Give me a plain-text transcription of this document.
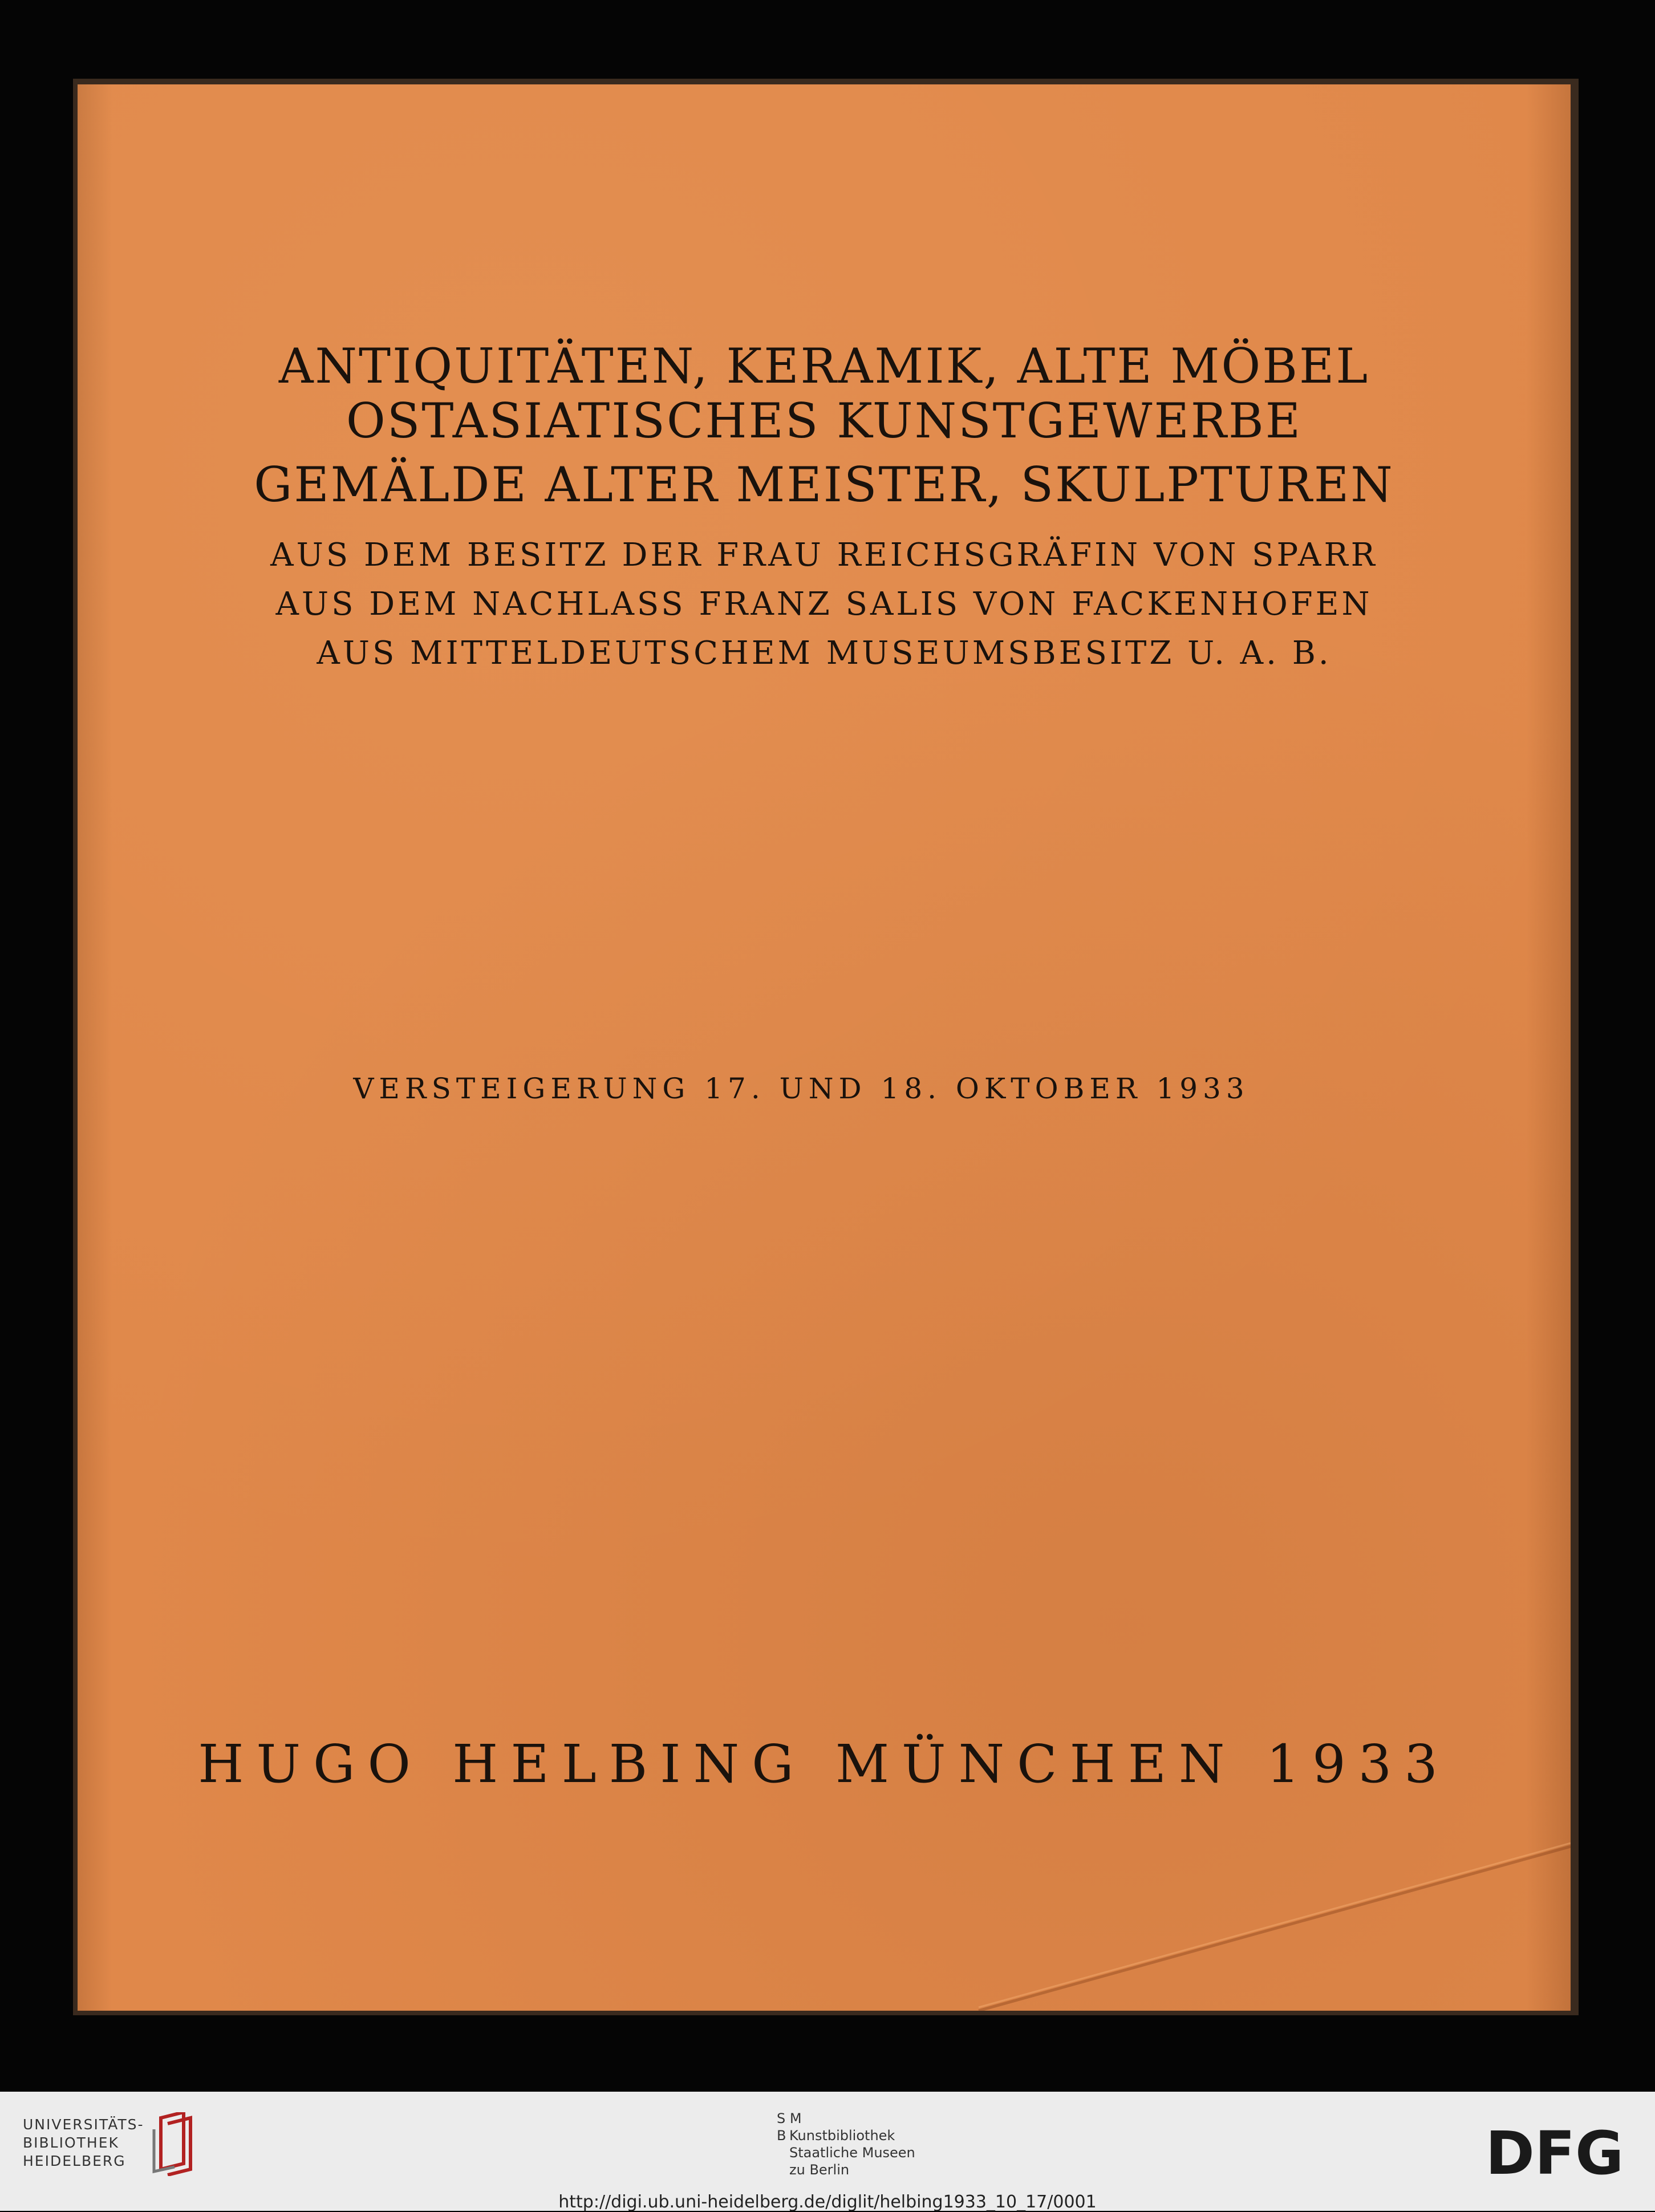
ANTIQUITÄTEN, KERAMIK, ALTE MÖBEL

OSTASIATISCHES KUNSTGEWERBE

GEMÄLDE ALTER MEISTER, SKULPTUREN

AUS DEM BESITZ DER FRAU REICHSGRÄFIN VON SPARR

AUS DEM NACHLASS FRANZ SALIS VON FACKENHOFEN

AUS MITTELDEUTSCHEM MUSEUMSBESITZ U. A. B.

VERSTEIGERUNG 17. UND 18. OKTOBER 1933

HUGO HELBING MÜNCHEN 1933

UNIVERSITÄTS-
BIBLIOTHEK
HEIDELBERG
S M
B Kunstbibliothek
Staatliche Museen
zu Berlin	DFG
http://digi.ub.uni-heidelberg.de/diglit/helbing1933_10_17/0001
